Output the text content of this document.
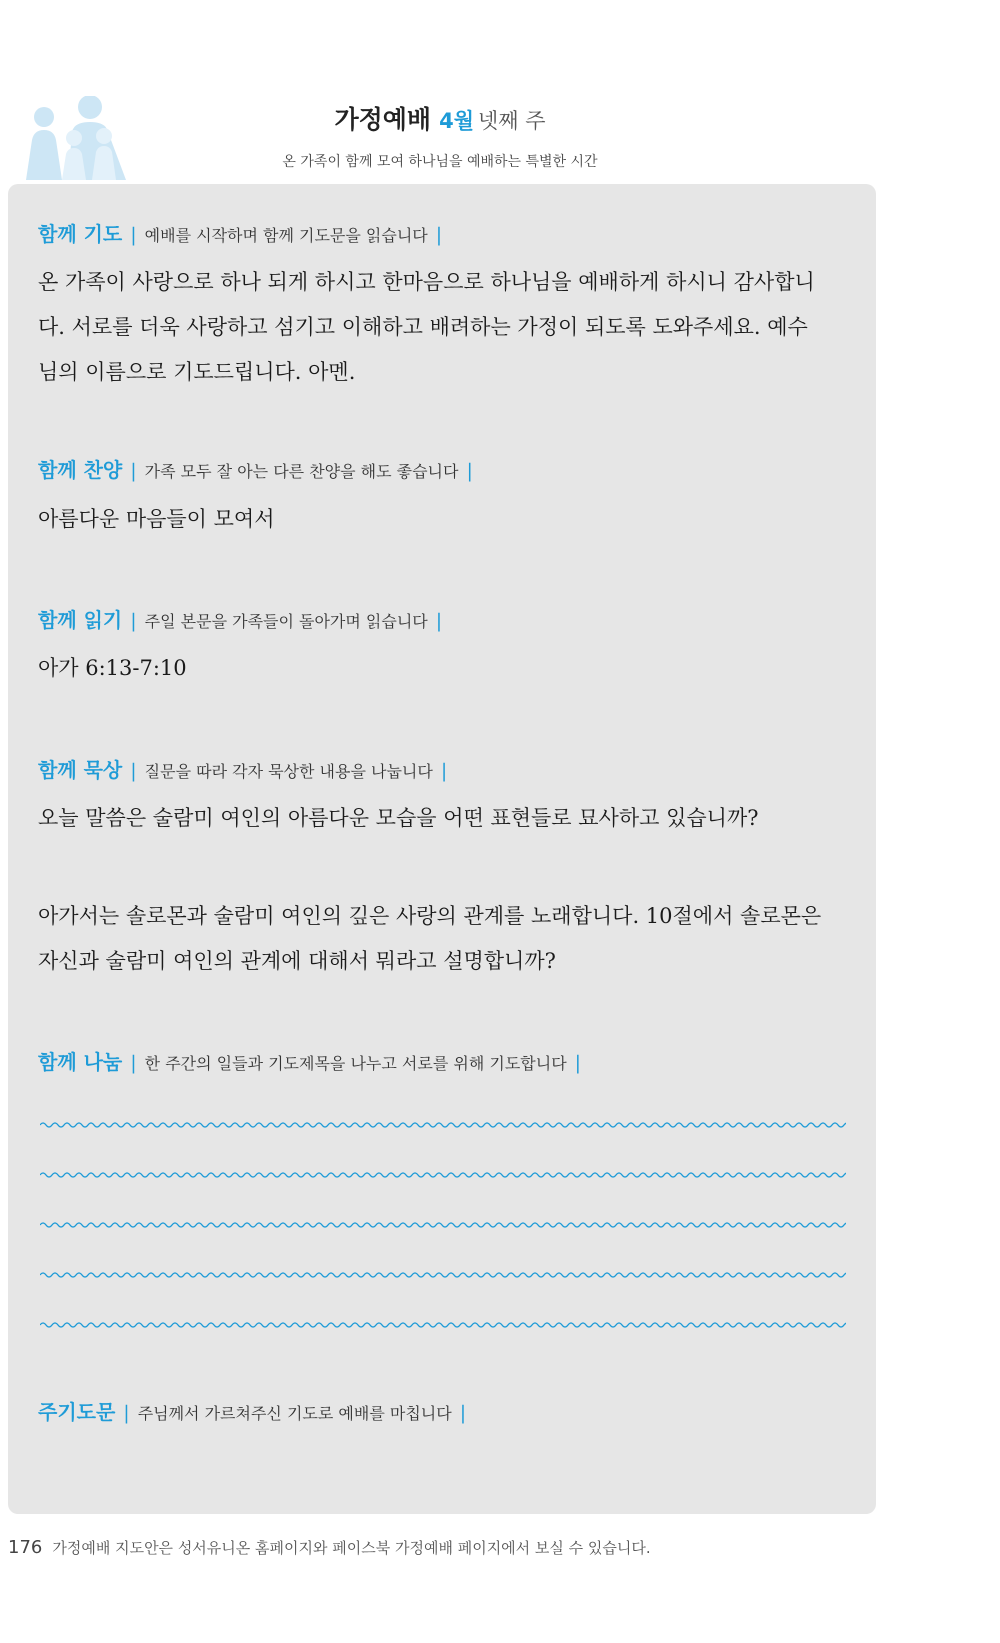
가정예배 4월 넷째 주
온 가족이 함께 모여 하나님을 예배하는 특별한 시간
함께 기도 | 예배를 시작하며 함께 기도문을 읽습니다 |
온 가족이 사랑으로 하나 되게 하시고 한마음으로 하나님을 예배하게 하시니 감사합니
다. 서로를 더욱 사랑하고 섬기고 이해하고 배려하는 가정이 되도록 도와주세요. 예수
님의 이름으로 기도드립니다. 아멘.
함께 찬양 | 가족 모두 잘 아는 다른 찬양을 해도 좋습니다 |
아름다운 마음들이 모여서
함께 읽기 | 주일 본문을 가족들이 돌아가며 읽습니다 |
아가 6:13-7:10
함께 묵상 | 질문을 따라 각자 묵상한 내용을 나눕니다 |
오늘 말씀은 술람미 여인의 아름다운 모습을 어떤 표현들로 묘사하고 있습니까?
아가서는 솔로몬과 술람미 여인의 깊은 사랑의 관계를 노래합니다. 10절에서 솔로몬은
자신과 술람미 여인의 관계에 대해서 뭐라고 설명합니까?
함께 나눔 | 한 주간의 일들과 기도제목을 나누고 서로를 위해 기도합니다 |
주기도문 | 주님께서 가르쳐주신 기도로 예배를 마칩니다 |
176 가정예배 지도안은 성서유니온 홈페이지와 페이스북 가정예배 페이지에서 보실 수 있습니다.
